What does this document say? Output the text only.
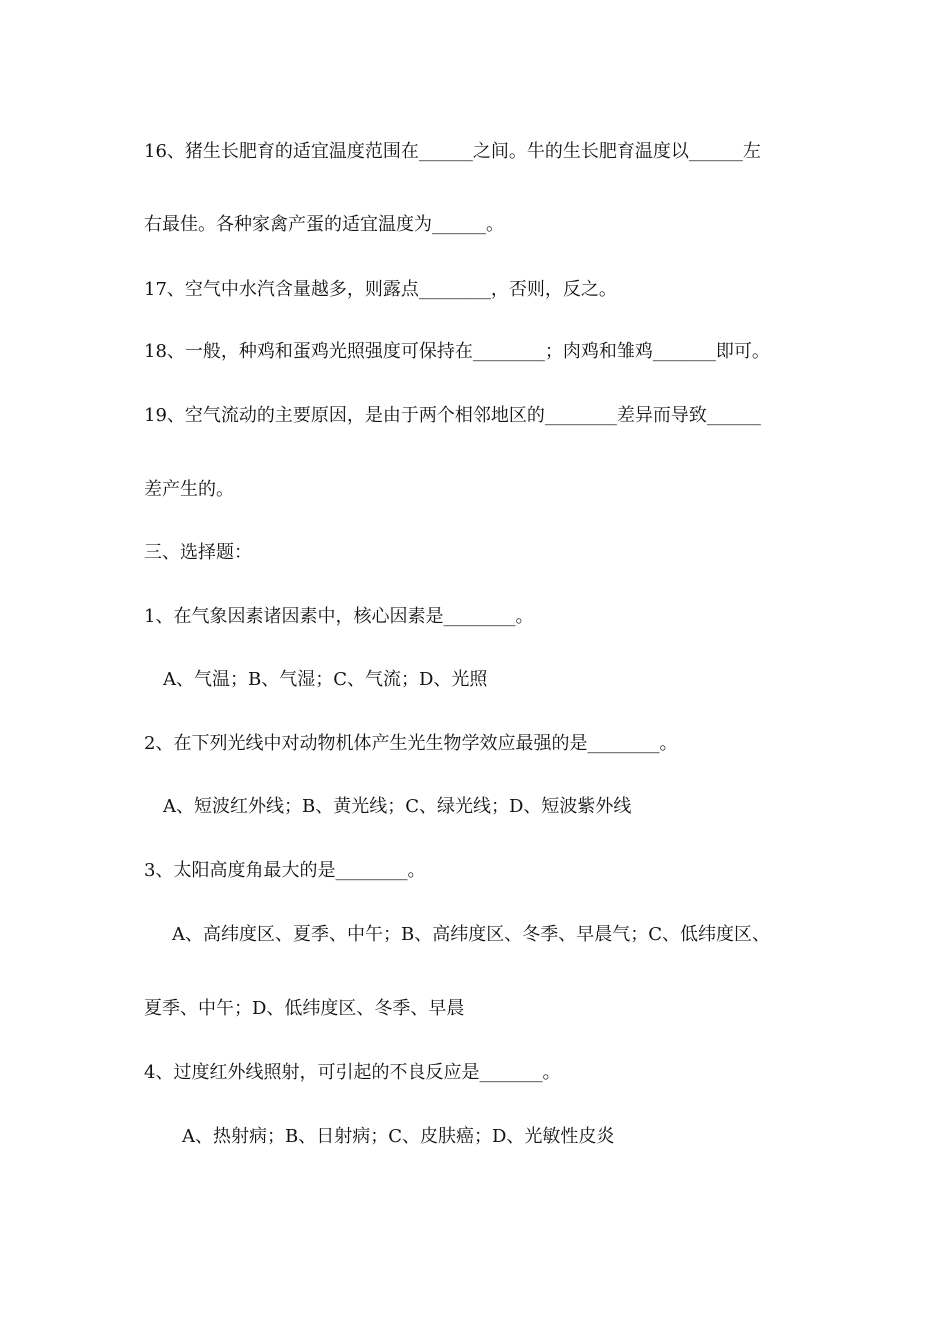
16、猪生长肥育的适宜温度范围在______之间。牛的生长肥育温度以______左
右最佳。各种家禽产蛋的适宜温度为______。
17、空气中水汽含量越多，则露点________，否则，反之。
18、一般，种鸡和蛋鸡光照强度可保持在________；肉鸡和雏鸡_______即可。
19、空气流动的主要原因，是由于两个相邻地区的________差异而导致______
差产生的。
三、选择题：
1、在气象因素诸因素中，核心因素是________。
A、气温；B、气湿；C、气流；D、光照
2、在下列光线中对动物机体产生光生物学效应最强的是________。
A、短波红外线；B、黄光线；C、绿光线；D、短波紫外线
3、太阳高度角最大的是________。
A、高纬度区、夏季、中午；B、高纬度区、冬季、早晨气；C、低纬度区、
夏季、中午；D、低纬度区、冬季、早晨
4、过度红外线照射，可引起的不良反应是_______。
A、热射病；B、日射病；C、皮肤癌；D、光敏性皮炎
